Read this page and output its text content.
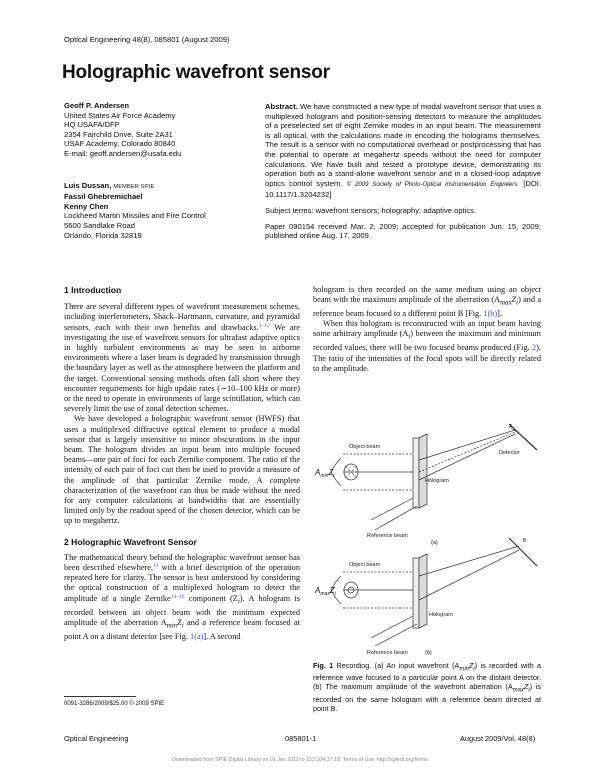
Optical Engineering 48(8), 085801 (August 2009)
Holographic wavefront sensor
Geoff P. Andersen
United States Air Force Academy
HQ USAFA/DFP
2354 Fairchild Drive, Suite 2A31
USAF Academy, Colorado 80840
E-mail: geoff.andersen@usafa.edu
Luis Dussan, MEMBER SPIE
Fassil Ghebremichael
Kenny Chen
Lockheed Martin Missiles and Fire Control
5600 Sandlake Road
Orlando, Florida 32819

Abstract. We have constructed a new type of modal wavefront sensor that uses a multiplexed hologram and position-sensing detectors to measure the amplitudes of a preselected set of eight Zernike modes in an input beam. The measurement is all optical, with the calculations made in encoding the holograms themselves. The result is a sensor with no computational overhead or postprocessing that has the potential to operate at megahertz speeds without the need for computer calculations. We have built and tested a prototype device, demonstrating its operation both as a stand-alone wavefront sensor and in a closed-loop adaptive optics control system. © 2009 Society of Photo-Optical Instrumentation Engineers. [DOI: 10.1117/1.3204232]

Subject terms: wavefront sensors; holography; adaptive optics.

Paper 090154 received Mar. 2, 2009; accepted for publication Jun. 15, 2009; published online Aug. 17, 2009.

1 Introduction

There are several different types of wavefront measurement schemes, including interferometers, Shack–Hartmann, curvature, and pyramidal sensors, each with their own benefits and drawbacks.$^{1-12}$ We are investigating the use of wavefront sensors for ultrafast adaptive optics in highly turbulent environments as may be seen in airborne environments where a laser beam is degraded by transmission through the boundary layer as well as the atmosphere between the platform and the target. Conventional sensing methods often fall short where they encounter requirements for high update rates (∼10–100 kHz or more) or the need to operate in environments of large scintillation, which can severely limit the use of zonal detection schemes.

We have developed a holographic wavefront sensor (HWFS) that uses a multiplexed diffractive optical element to produce a modal sensor that is largely insensitive to minor obscurations in the input beam. The hologram divides an input beam into multiple focused beams—one pair of foci for each Zernike component. The ratio of the intensity of each pair of foci can then be used to provide a measure of the amplitude of that particular Zernike mode. A complete characterization of the wavefront can thus be made without the need for any computer calculations at bandwidths that are essentially limited only by the readout speed of the chosen detector, which can be up to megahertz.

2 Holographic Wavefront Sensor

The mathematical theory behind the holographic wavefront sensor has been described elsewhere,$^{13}$ with a brief description of the operation repeated here for clarity. The sensor is best understood by considering the optical construction of a multiplexed hologram to detect the amplitude of a single Zernike$^{14-16}$ component $(Z_i)$. A hologram is recorded between an object beam with the minimum expected amplitude of the aberration $A_{min}Z_i$ and a reference beam focused at point A on a distant detector [see Fig. 1(a)]. A second

hologram is then recorded on the same medium using an object beam with the maximum amplitude of the aberration $(A_{max}Z_i)$ and a reference beam focused to a different point B [Fig. 1(b)].

When this hologram is reconstructed with an input beam having some arbitrary amplitude $(A_i)$ between the maximum and minimum recorded values, there will be two focused beams produced (Fig. 2). The ratio of the intensities of the focal spots will be directly related to the amplitude.

A
Detector
Object beam
Hologram
Reference beam
(a)	B
Object beam
Hologram
Reference beam	(b)
$A_{min}Z_i$
$A_{max}Z_i$
Fig. 1 Recording. (a) An input wavefront $(A_{min}Z_i)$ is recorded with a reference wave focused to a particular point A on the distant detector. (b) The maximum amplitude of the wavefront aberration $(A_{max}Z_i)$ is recorded on the same hologram with a reference beam directed at point B.
0091-3286/2009/$25.00 © 2009 SPIE
Optical Engineering	085801-1	August 2009/Vol. 48(8)
Downloaded from SPIE Digital Library on 01 Jun 2011 to 153.104.37.18. Terms of Use: http://spiedl.org/terms
